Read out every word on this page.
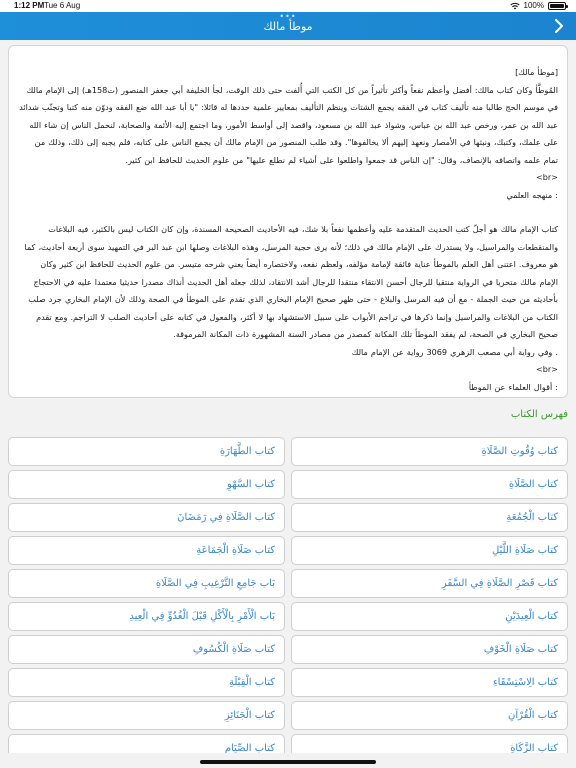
1:12 PM Tue 6 Aug	100%
•••
موطأ مالك

[موطأ مالك]

المُوطَّأ وكان كتاب مالك: أفضل وأعظم نفعاً وأكثر تأثيراً من كل الكتب التي أُلفت حتى ذلك الوقت، لجأ الخليفة أبي جعفر المنصور (ت158هـ) إلى الإمام مالك في موسم الحج طالبا منه تأليف كتاب في الفقه يجمع الشتات وينظم التأليف بمعايير علمية حددها له قائلا: "يا أبا عبد الله ضع الفقه ودوّن منه كتبا وتجنّب شدائد عبد الله بن عمر، ورخص عبد الله بن عباس، وشواذ عبد الله بن مسعود، واقصد إلى أواسط الأمور، وما اجتمع إليه الأئمة والصحابة، لنحمل الناس إن شاء الله على علمك، وكتبك، ونبثها في الأمصار ونعهد إليهم ألا يخالفوها". وقد طلب المنصور من الإمام مالك أن يجمع الناس على كتابه، فلم يجبه إلى ذلك، وذلك من تمام علمه واتصافه بالإنصاف، وقال: "إن الناس قد جمعوا واطلعوا على أشياء لم نطلع عليها" من علوم الحديث للحافظ ابن كثير.

<br>

: منهجه العلمي

كتاب الإمام مالك هو أجلّ كتب الحديث المتقدمة عليه وأعظمها نفعاً بلا شك، فيه الأحاديث الصحيحة المسندة، وإن كان الكتاب ليس بالكثير، فيه البلاغات والمنقطعات والمراسيل، ولا يستدرك على الإمام مالك في ذلك؛ لأنه يرى حجية المرسل، وهذه البلاغات وصلها ابن عبد البر في التمهيد سوى أربعة أحاديث، كما هو معروف. اعتنى أهل العلم بالموطأ عناية فائقة لإمامة مؤلفه، ولعظم نفعه، ولاختصاره أيضاً يعني شرحه متيسر. من علوم الحديث للحافظ ابن كثير وكان الإمام مالك متحريا في الرواية منتقيا للرجال أحسن الانتقاء منتقدا للرجال أشد الانتقاد، لذلك جعله أهل الحديث أنذاك مصدرا حديثيا معتمدا عليه في الاحتجاج بأحاديثه من حيث الجملة - مع أن فيه المرسل والبلاغ - حتى ظهر صحيح الإمام البخاري الذي تقدم على الموطأ في الصحة وذلك لأن الإمام البخاري جرد صلب الكتاب من البلاغات والمراسيل وإنما ذكرها في تراجم الأبواب على سبيل الاستشهاد بها لا أكثر، والمعول في كتابه على أحاديث الصلب لا التراجم. ومع تقدم صحيح البخاري في الصحة، لم يفقد الموطأ تلك المكانة كمصدر من مصادر السنة المشهورة ذات المكانة المرموقة.

. وفي رواية أبي مصعب الزهري 3069 رواية عن الإمام مالك

<br>

: أقوال العلماء عن الموطأ

فهرس الكتاب
كتاب وُقُوتِ الصَّلَاةِ
كتاب الطَّهَارَةِ
كتاب الصَّلَاةِ
كتاب السَّهْوِ
كتاب الْجُمُعَةِ
كتاب الصَّلَاةِ فِي رَمَضَانَ
كتاب صَلَاةِ اللَّيْلِ
كتاب صَلَاةِ الْجَمَاعَةِ
كتاب قَصْرِ الصَّلَاةِ فِي السَّفَرِ
بَاب جَامِعِ التَّرْغِيبِ فِي الصَّلَاةِ
كتاب الْعِيدَيْنِ
بَاب الْأَمْرِ بِالْأَكْلِ قَبْلَ الْغُدُوِّ فِي الْعِيدِ
كتاب صَلَاةِ الْخَوْفِ
كتاب صَلَاةِ الْكُسُوفِ
كتاب الِاسْتِسْقَاءِ
كتاب الْقِبْلَةِ
كتاب الْقُرْآنِ
كتاب الْجَنَائِزِ
كتاب الزَّكَاةِ
كتاب الصِّيَامِ
